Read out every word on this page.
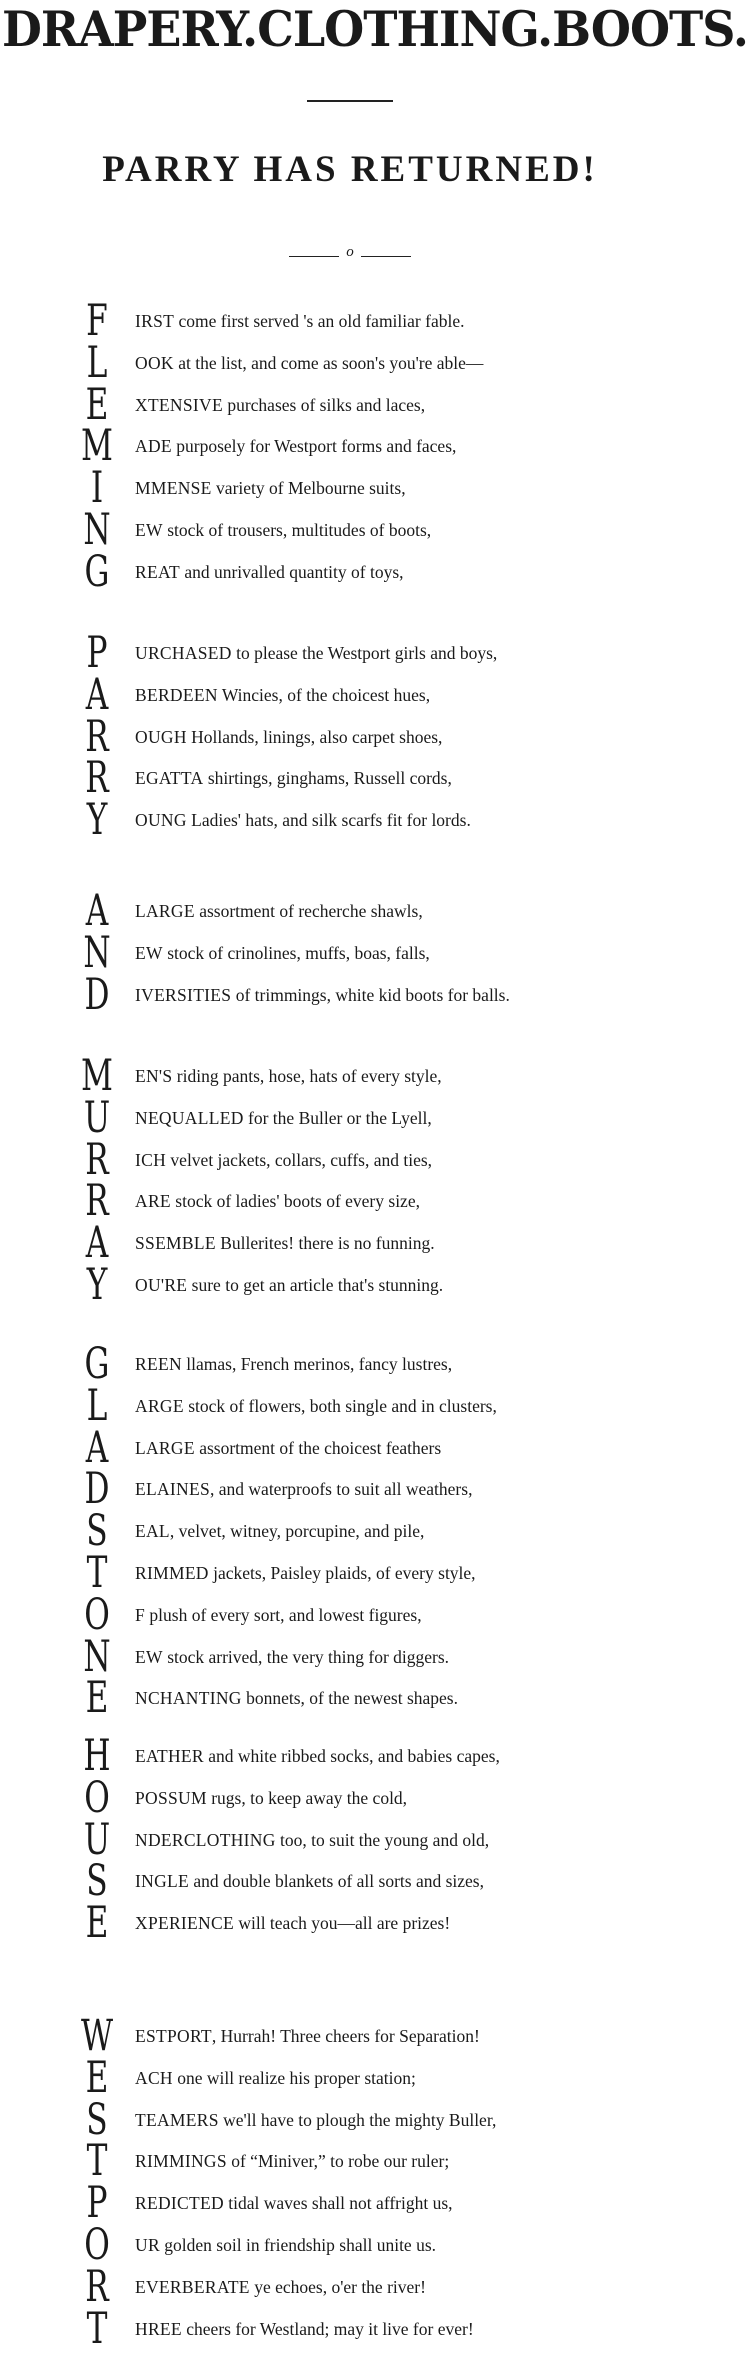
DRAPERY. CLOTHING. BOOTS.
PARRY HAS RETURNED!
o
F	IRST come first served 's an old familiar fable.
L	OOK at the list, and come as soon's you're able—
E	XTENSIVE purchases of silks and laces,
M ADE purposely for Westport forms and faces,
I	MMENSE variety of Melbourne suits,
N EW stock of trousers, multitudes of boots,
G REAT and unrivalled quantity of toys,
P	URCHASED to please the Westport girls and boys,
A	BERDEEN Wincies, of the choicest hues,
R	OUGH Hollands, linings, also carpet shoes,
R	EGATTA shirtings, ginghams, Russell cords,
Y	OUNG Ladies' hats, and silk scarfs fit for lords.
A	LARGE assortment of recherche shawls,
N EW stock of crinolines, muffs, boas, falls,
D IVERSITIES of trimmings, white kid boots for balls.
M EN'S riding pants, hose, hats of every style,
U NEQUALLED for the Buller or the Lyell,
R	ICH velvet jackets, collars, cuffs, and ties,
R	ARE stock of ladies' boots of every size,
A	SSEMBLE Bullerites! there is no funning.
Y	OU'RE sure to get an article that's stunning.
G REEN llamas, French merinos, fancy lustres,
L	ARGE stock of flowers, both single and in clusters,
A	LARGE assortment of the choicest feathers
D ELAINES, and waterproofs to suit all weathers,
S	EAL, velvet, witney, porcupine, and pile,
T	RIMMED jackets, Paisley plaids, of every style,
O F plush of every sort, and lowest figures,
N EW stock arrived, the very thing for diggers.
E	NCHANTING bonnets, of the newest shapes.
H EATHER and white ribbed socks, and babies capes,
O POSSUM rugs, to keep away the cold,
U NDERCLOTHING too, to suit the young and old,
S	INGLE and double blankets of all sorts and sizes,
E	XPERIENCE will teach you—all are prizes!
W ESTPORT, Hurrah! Three cheers for Separation!
E	ACH one will realize his proper station;
S	TEAMERS we'll have to plough the mighty Buller,
T	RIMMINGS of “Miniver,” to robe our ruler;
P	REDICTED tidal waves shall not affright us,
O UR golden soil in friendship shall unite us.
R	EVERBERATE ye echoes, o'er the river!
T	HREE cheers for Westland; may it live for ever!
